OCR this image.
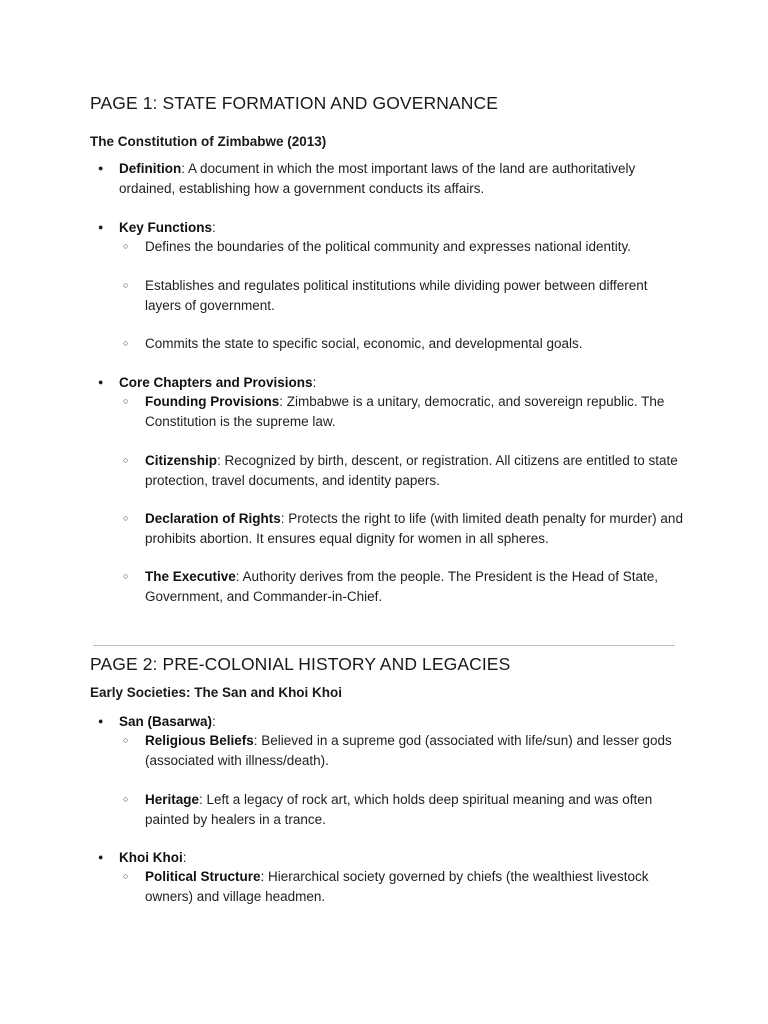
PAGE 1: STATE FORMATION AND GOVERNANCE
The Constitution of Zimbabwe (2013)
● Definition: A document in which the most important laws of the land are authoritatively ordained, establishing how a government conducts its affairs.
● Key Functions:
○ Defines the boundaries of the political community and expresses national identity.
○ Establishes and regulates political institutions while dividing power between different layers of government.
○ Commits the state to specific social, economic, and developmental goals.
● Core Chapters and Provisions:
○ Founding Provisions: Zimbabwe is a unitary, democratic, and sovereign republic. The Constitution is the supreme law.
○ Citizenship: Recognized by birth, descent, or registration. All citizens are entitled to state protection, travel documents, and identity papers.
○ Declaration of Rights: Protects the right to life (with limited death penalty for murder) and prohibits abortion. It ensures equal dignity for women in all spheres.
○ The Executive: Authority derives from the people. The President is the Head of State, Government, and Commander-in-Chief.
PAGE 2: PRE-COLONIAL HISTORY AND LEGACIES
Early Societies: The San and Khoi Khoi
● San (Basarwa):
○ Religious Beliefs: Believed in a supreme god (associated with life/sun) and lesser gods (associated with illness/death).
○ Heritage: Left a legacy of rock art, which holds deep spiritual meaning and was often painted by healers in a trance.
● Khoi Khoi:
○ Political Structure: Hierarchical society governed by chiefs (the wealthiest livestock owners) and village headmen.
